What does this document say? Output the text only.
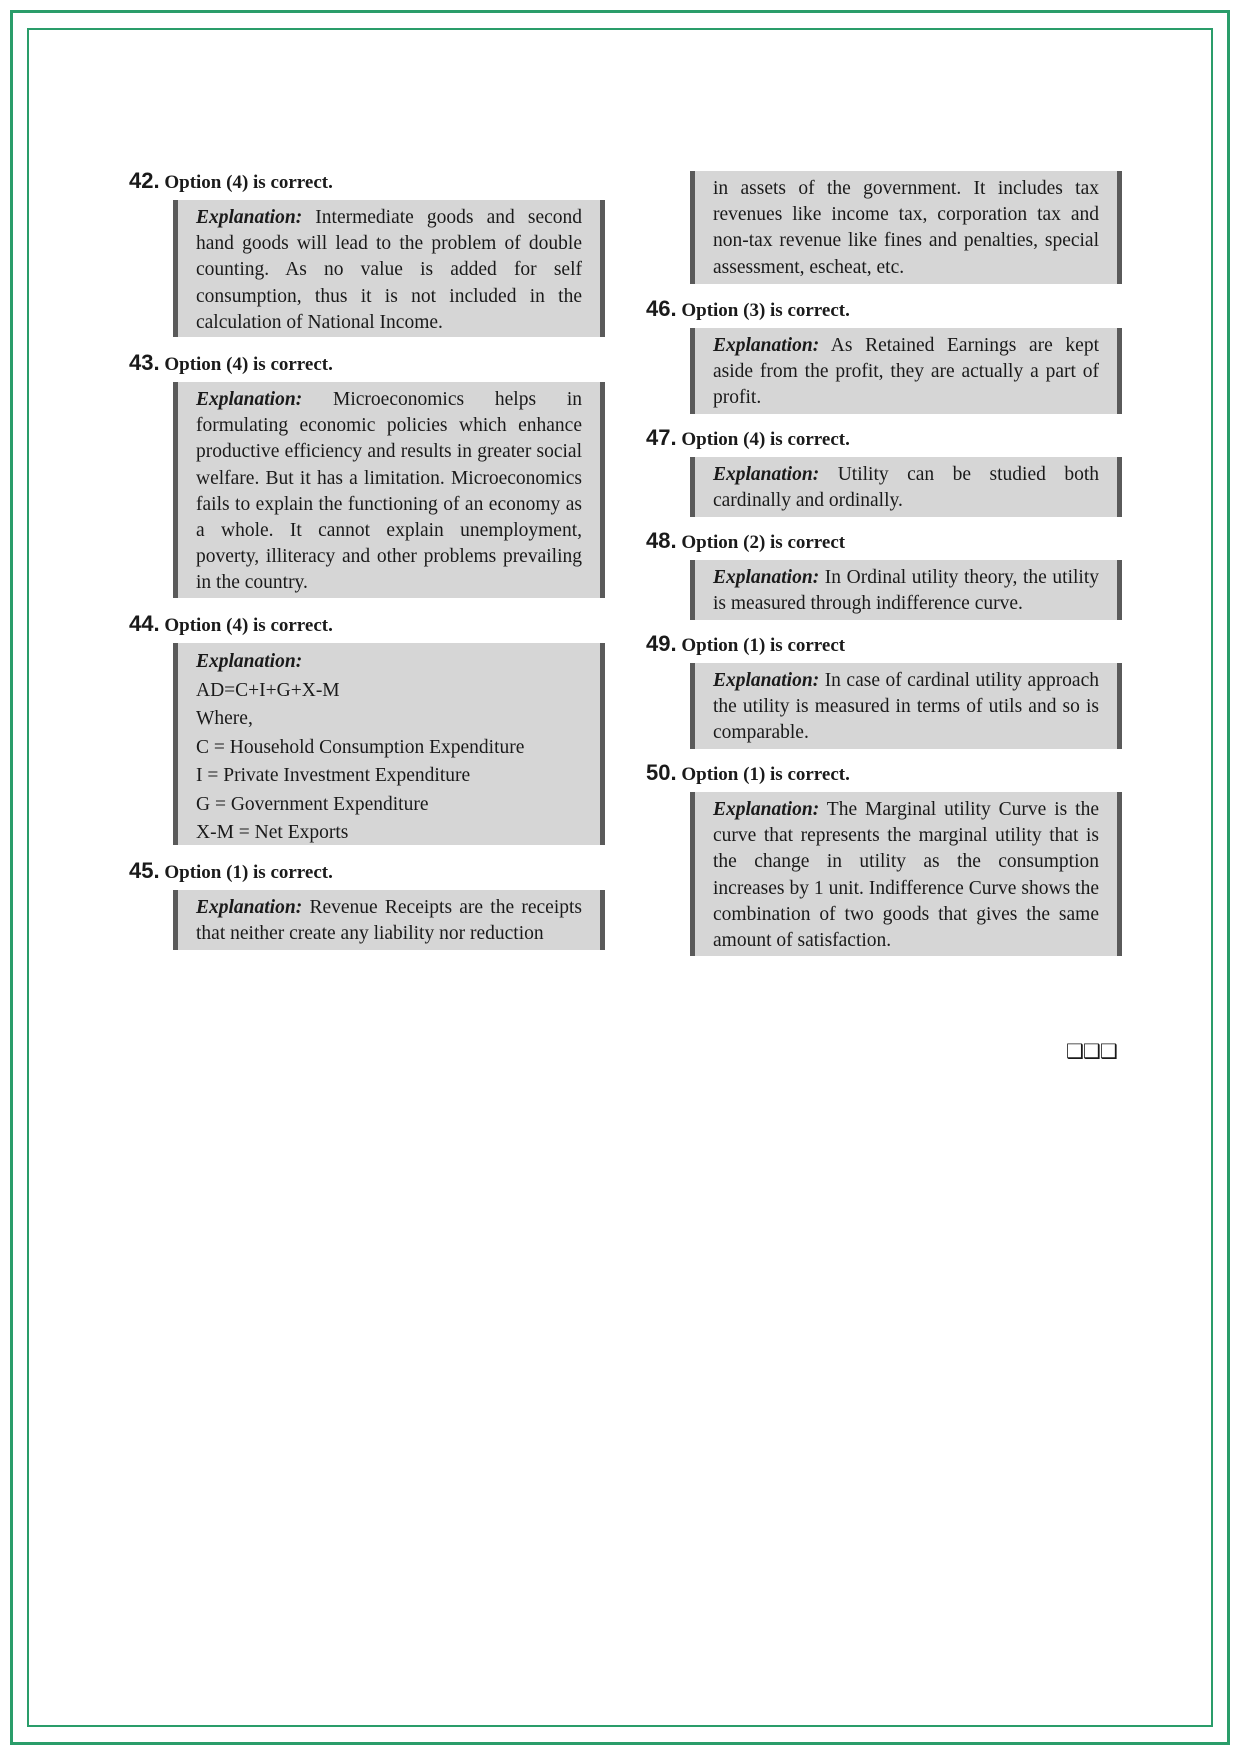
42. Option (4) is correct.

Explanation: Intermediate goods and second hand goods will lead to the problem of double counting. As no value is added for self consumption, thus it is not included in the calculation of National Income.

43. Option (4) is correct.

Explanation: Microeconomics helps in formulating economic policies which enhance productive efficiency and results in greater social welfare. But it has a limitation. Microeconomics fails to explain the functioning of an economy as a whole. It cannot explain unemployment, poverty, illiteracy and other problems prevailing in the country.

44. Option (4) is correct.
Explanation:
AD=C+I+G+X-M
Where,
C = Household Consumption Expenditure
I = Private Investment Expenditure
G = Government Expenditure
X-M = Net Exports
45. Option (1) is correct.

Explanation: Revenue Receipts are the receipts that neither create any liability nor reduction

in assets of the government. It includes tax revenues like income tax, corporation tax and non-tax revenue like fines and penalties, special assessment, escheat, etc.

46. Option (3) is correct.

Explanation: As Retained Earnings are kept aside from the profit, they are actually a part of profit.

47. Option (4) is correct.

Explanation: Utility can be studied both cardinally and ordinally.

48. Option (2) is correct

Explanation: In Ordinal utility theory, the utility is measured through indifference curve.

49. Option (1) is correct

Explanation: In case of cardinal utility approach the utility is measured in terms of utils and so is comparable.

50. Option (1) is correct.

Explanation: The Marginal utility Curve is the curve that represents the marginal utility that is the change in utility as the consumption increases by 1 unit. Indifference Curve shows the combination of two goods that gives the same amount of satisfaction.

❑❑❑
